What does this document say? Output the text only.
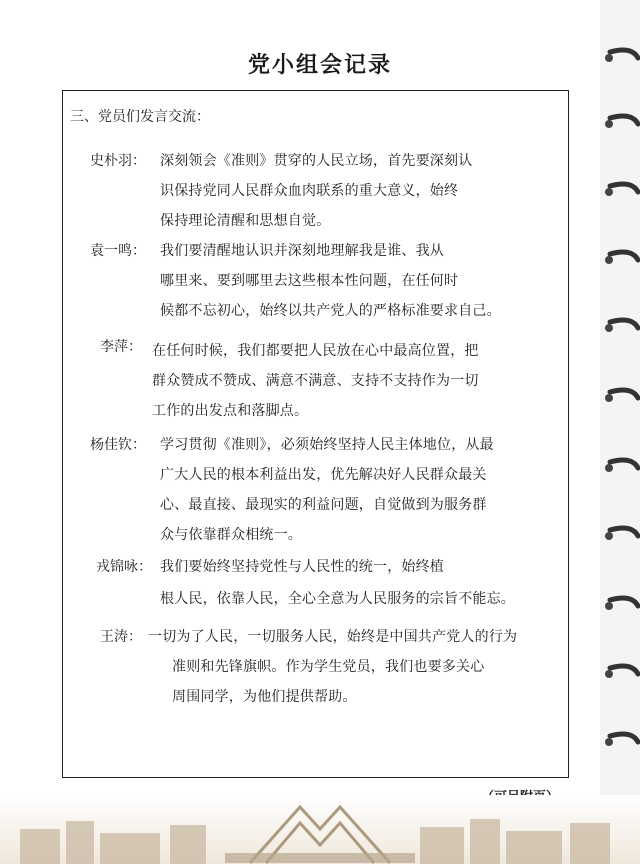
党小组会记录
三、党员们发言交流：
史朴羽： 深刻领会《准则》贯穿的人民立场，首先要深刻认
识保持党同人民群众血肉联系的重大意义，始终
保持理论清醒和思想自觉。
袁一鸣： 我们要清醒地认识并深刻地理解我是谁、我从
哪里来、要到哪里去这些根本性问题，在任何时
候都不忘初心，始终以共产党人的严格标准要求自己。
李萍： 在任何时候，我们都要把人民放在心中最高位置，把
群众赞成不赞成、满意不满意、支持不支持作为一切
工作的出发点和落脚点。
杨佳钦： 学习贯彻《准则》，必须始终坚持人民主体地位，从最
广大人民的根本利益出发，优先解决好人民群众最关
心、最直接、最现实的利益问题，自觉做到为服务群
众与依靠群众相统一。
戎锦咏： 我们要始终坚持党性与人民性的统一，始终植
根人民，依靠人民，全心全意为人民服务的宗旨不能忘。
王涛： 一切为了人民，一切服务人民，始终是中国共产党人的行为
准则和先锋旗帜。作为学生党员，我们也要多关心
周围同学，为他们提供帮助。
